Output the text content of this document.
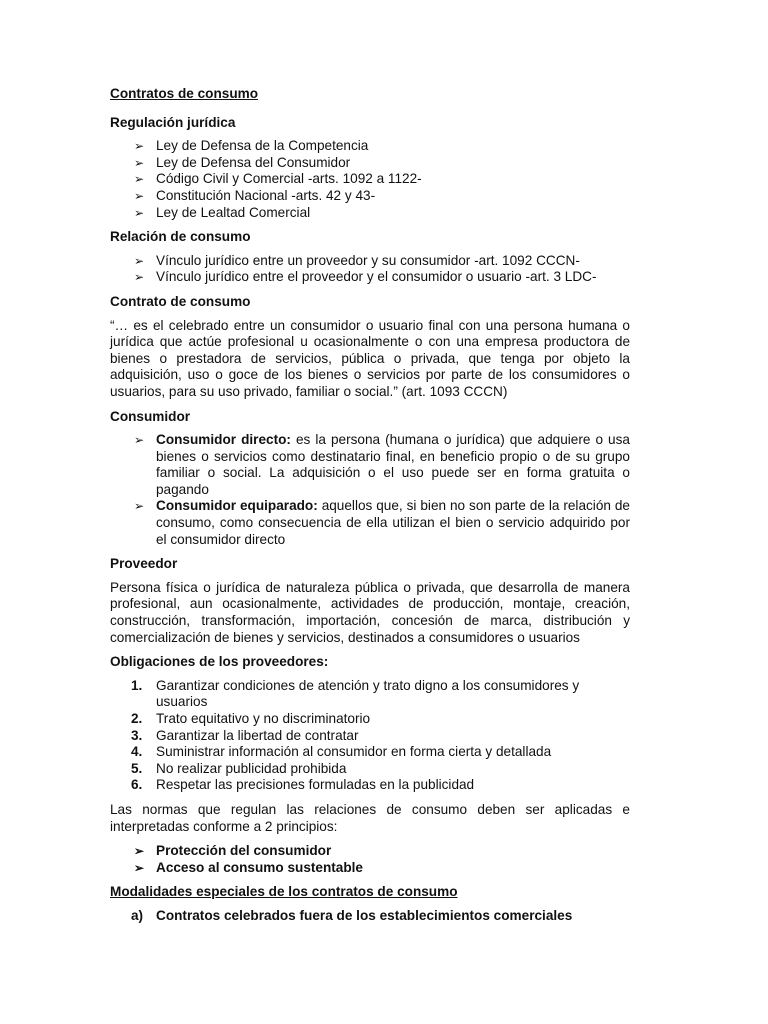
Contratos de consumo
Regulación jurídica
➢ Ley de Defensa de la Competencia
➢ Ley de Defensa del Consumidor
➢ Código Civil y Comercial -arts. 1092 a 1122-
➢ Constitución Nacional -arts. 42 y 43-
➢ Ley de Lealtad Comercial
Relación de consumo
➢ Vínculo jurídico entre un proveedor y su consumidor -art. 1092 CCCN-
➢ Vínculo jurídico entre el proveedor y el consumidor o usuario -art. 3 LDC-
Contrato de consumo

“… es el celebrado entre un consumidor o usuario final con una persona humana o jurídica que actúe profesional u ocasionalmente o con una empresa productora de bienes o prestadora de servicios, pública o privada, que tenga por objeto la adquisición, uso o goce de los bienes o servicios por parte de los consumidores o usuarios, para su uso privado, familiar o social.” (art. 1093 CCCN)

Consumidor
➢ Consumidor directo: es la persona (humana o jurídica) que adquiere o usa bienes o servicios como destinatario final, en beneficio propio o de su grupo familiar o social. La adquisición o el uso puede ser en forma gratuita o pagando
➢ Consumidor equiparado: aquellos que, si bien no son parte de la relación de consumo, como consecuencia de ella utilizan el bien o servicio adquirido por el consumidor directo
Proveedor

Persona física o jurídica de naturaleza pública o privada, que desarrolla de manera profesional, aun ocasionalmente, actividades de producción, montaje, creación, construcción, transformación, importación, concesión de marca, distribución y comercialización de bienes y servicios, destinados a consumidores o usuarios

Obligaciones de los proveedores:
1. Garantizar condiciones de atención y trato digno a los consumidores y usuarios
2. Trato equitativo y no discriminatorio
3. Garantizar la libertad de contratar
4. Suministrar información al consumidor en forma cierta y detallada
5. No realizar publicidad prohibida
6. Respetar las precisiones formuladas en la publicidad

Las normas que regulan las relaciones de consumo deben ser aplicadas e interpretadas conforme a 2 principios:

➢ Protección del consumidor
➢ Acceso al consumo sustentable
Modalidades especiales de los contratos de consumo
a) Contratos celebrados fuera de los establecimientos comerciales
